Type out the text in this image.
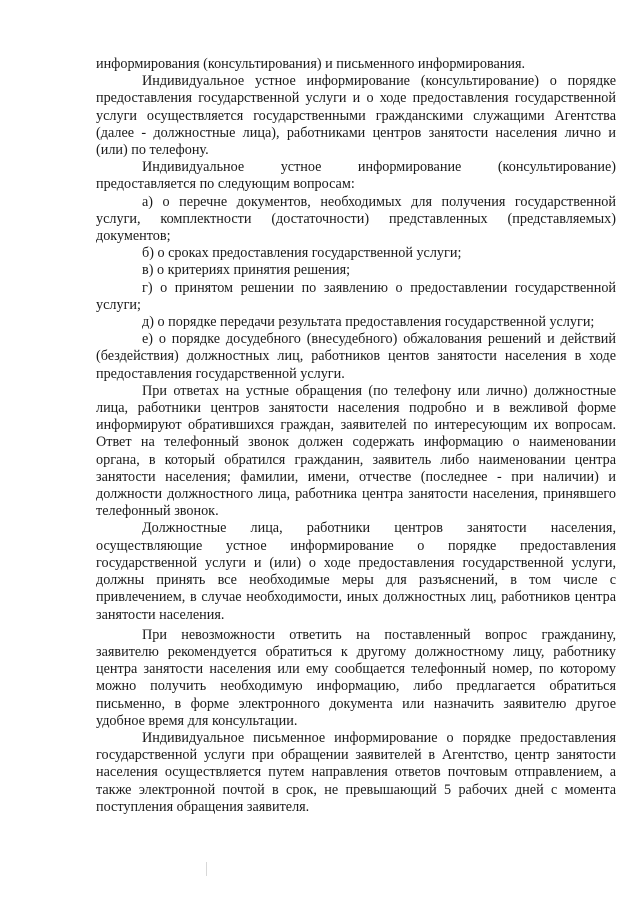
информирования (консультирования) и письменного информирования.

Индивидуальное устное информирование (консультирование) о порядке предоставления государственной услуги и о ходе предоставления государственной услуги осуществляется государственными гражданскими служащими Агентства (далее - должностные лица), работниками центров занятости населения лично и (или) по телефону.

Индивидуальное устное информирование (консультирование) предоставляется по следующим вопросам:

а) о перечне документов, необходимых для получения государственной услуги, комплектности (достаточности) представленных (представляемых) документов;

б) о сроках предоставления государственной услуги;

в) о критериях принятия решения;

г) о принятом решении по заявлению о предоставлении государственной услуги;

д) о порядке передачи результата предоставления государственной услуги;

е) о порядке досудебного (внесудебного) обжалования решений и действий (бездействия) должностных лиц, работников центов занятости населения в ходе предоставления государственной услуги.

При ответах на устные обращения (по телефону или лично) должностные лица, работники центров занятости населения подробно и в вежливой форме информируют обратившихся граждан, заявителей по интересующим их вопросам. Ответ на телефонный звонок должен содержать информацию о наименовании органа, в который обратился гражданин, заявитель либо наименовании центра занятости населения; фамилии, имени, отчестве (последнее - при наличии) и должности должностного лица, работника центра занятости населения, принявшего телефонный звонок.

Должностные лица, работники центров занятости населения, осуществляющие устное информирование о порядке предоставления государственной услуги и (или) о ходе предоставления государственной услуги, должны принять все необходимые меры для разъяснений, в том числе с привлечением, в случае необходимости, иных должностных лиц, работников центра занятости населения.

При невозможности ответить на поставленный вопрос гражданину, заявителю рекомендуется обратиться к другому должностному лицу, работнику центра занятости населения или ему сообщается телефонный номер, по которому можно получить необходимую информацию, либо предлагается обратиться письменно, в форме электронного документа или назначить заявителю другое удобное время для консультации.

Индивидуальное письменное информирование о порядке предоставления государственной услуги при обращении заявителей в Агентство, центр занятости населения осуществляется путем направления ответов почтовым отправлением, а также электронной почтой в срок, не превышающий 5 рабочих дней с момента поступления обращения заявителя.
